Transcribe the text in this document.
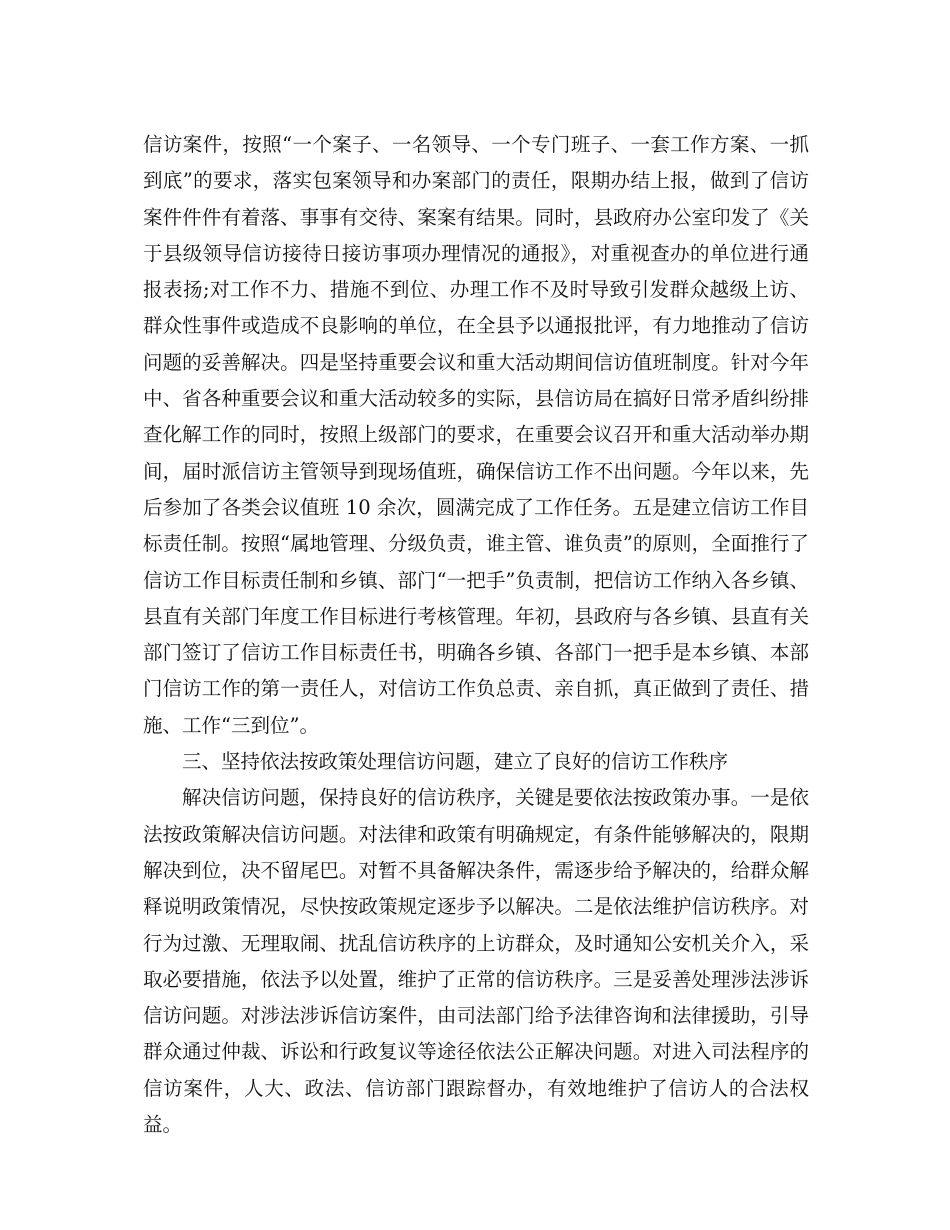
信访案件，按照“一个案子、一名领导、一个专门班子、一套工作方案、一抓到底”的要求，落实包案领导和办案部门的责任，限期办结上报，做到了信访案件件件有着落、事事有交待、案案有结果。同时，县政府办公室印发了《关于县级领导信访接待日接访事项办理情况的通报》，对重视查办的单位进行通报表扬;对工作不力、措施不到位、办理工作不及时导致引发群众越级上访、群众性事件或造成不良影响的单位，在全县予以通报批评，有力地推动了信访问题的妥善解决。四是坚持重要会议和重大活动期间信访值班制度。针对今年中、省各种重要会议和重大活动较多的实际，县信访局在搞好日常矛盾纠纷排查化解工作的同时，按照上级部门的要求，在重要会议召开和重大活动举办期间，届时派信访主管领导到现场值班，确保信访工作不出问题。今年以来，先后参加了各类会议值班 10 余次，圆满完成了工作任务。五是建立信访工作目标责任制。按照“属地管理、分级负责，谁主管、谁负责”的原则，全面推行了信访工作目标责任制和乡镇、部门“一把手”负责制，把信访工作纳入各乡镇、县直有关部门年度工作目标进行考核管理。年初，县政府与各乡镇、县直有关部门签订了信访工作目标责任书，明确各乡镇、各部门一把手是本乡镇、本部门信访工作的第一责任人，对信访工作负总责、亲自抓，真正做到了责任、措施、工作“三到位”。

三、坚持依法按政策处理信访问题，建立了良好的信访工作秩序

解决信访问题，保持良好的信访秩序，关键是要依法按政策办事。一是依法按政策解决信访问题。对法律和政策有明确规定，有条件能够解决的，限期解决到位，决不留尾巴。对暂不具备解决条件，需逐步给予解决的，给群众解释说明政策情况，尽快按政策规定逐步予以解决。二是依法维护信访秩序。对行为过激、无理取闹、扰乱信访秩序的上访群众，及时通知公安机关介入，采取必要措施，依法予以处置，维护了正常的信访秩序。三是妥善处理涉法涉诉信访问题。对涉法涉诉信访案件，由司法部门给予法律咨询和法律援助，引导群众通过仲裁、诉讼和行政复议等途径依法公正解决问题。对进入司法程序的信访案件，人大、政法、信访部门跟踪督办，有效地维护了信访人的合法权益。
